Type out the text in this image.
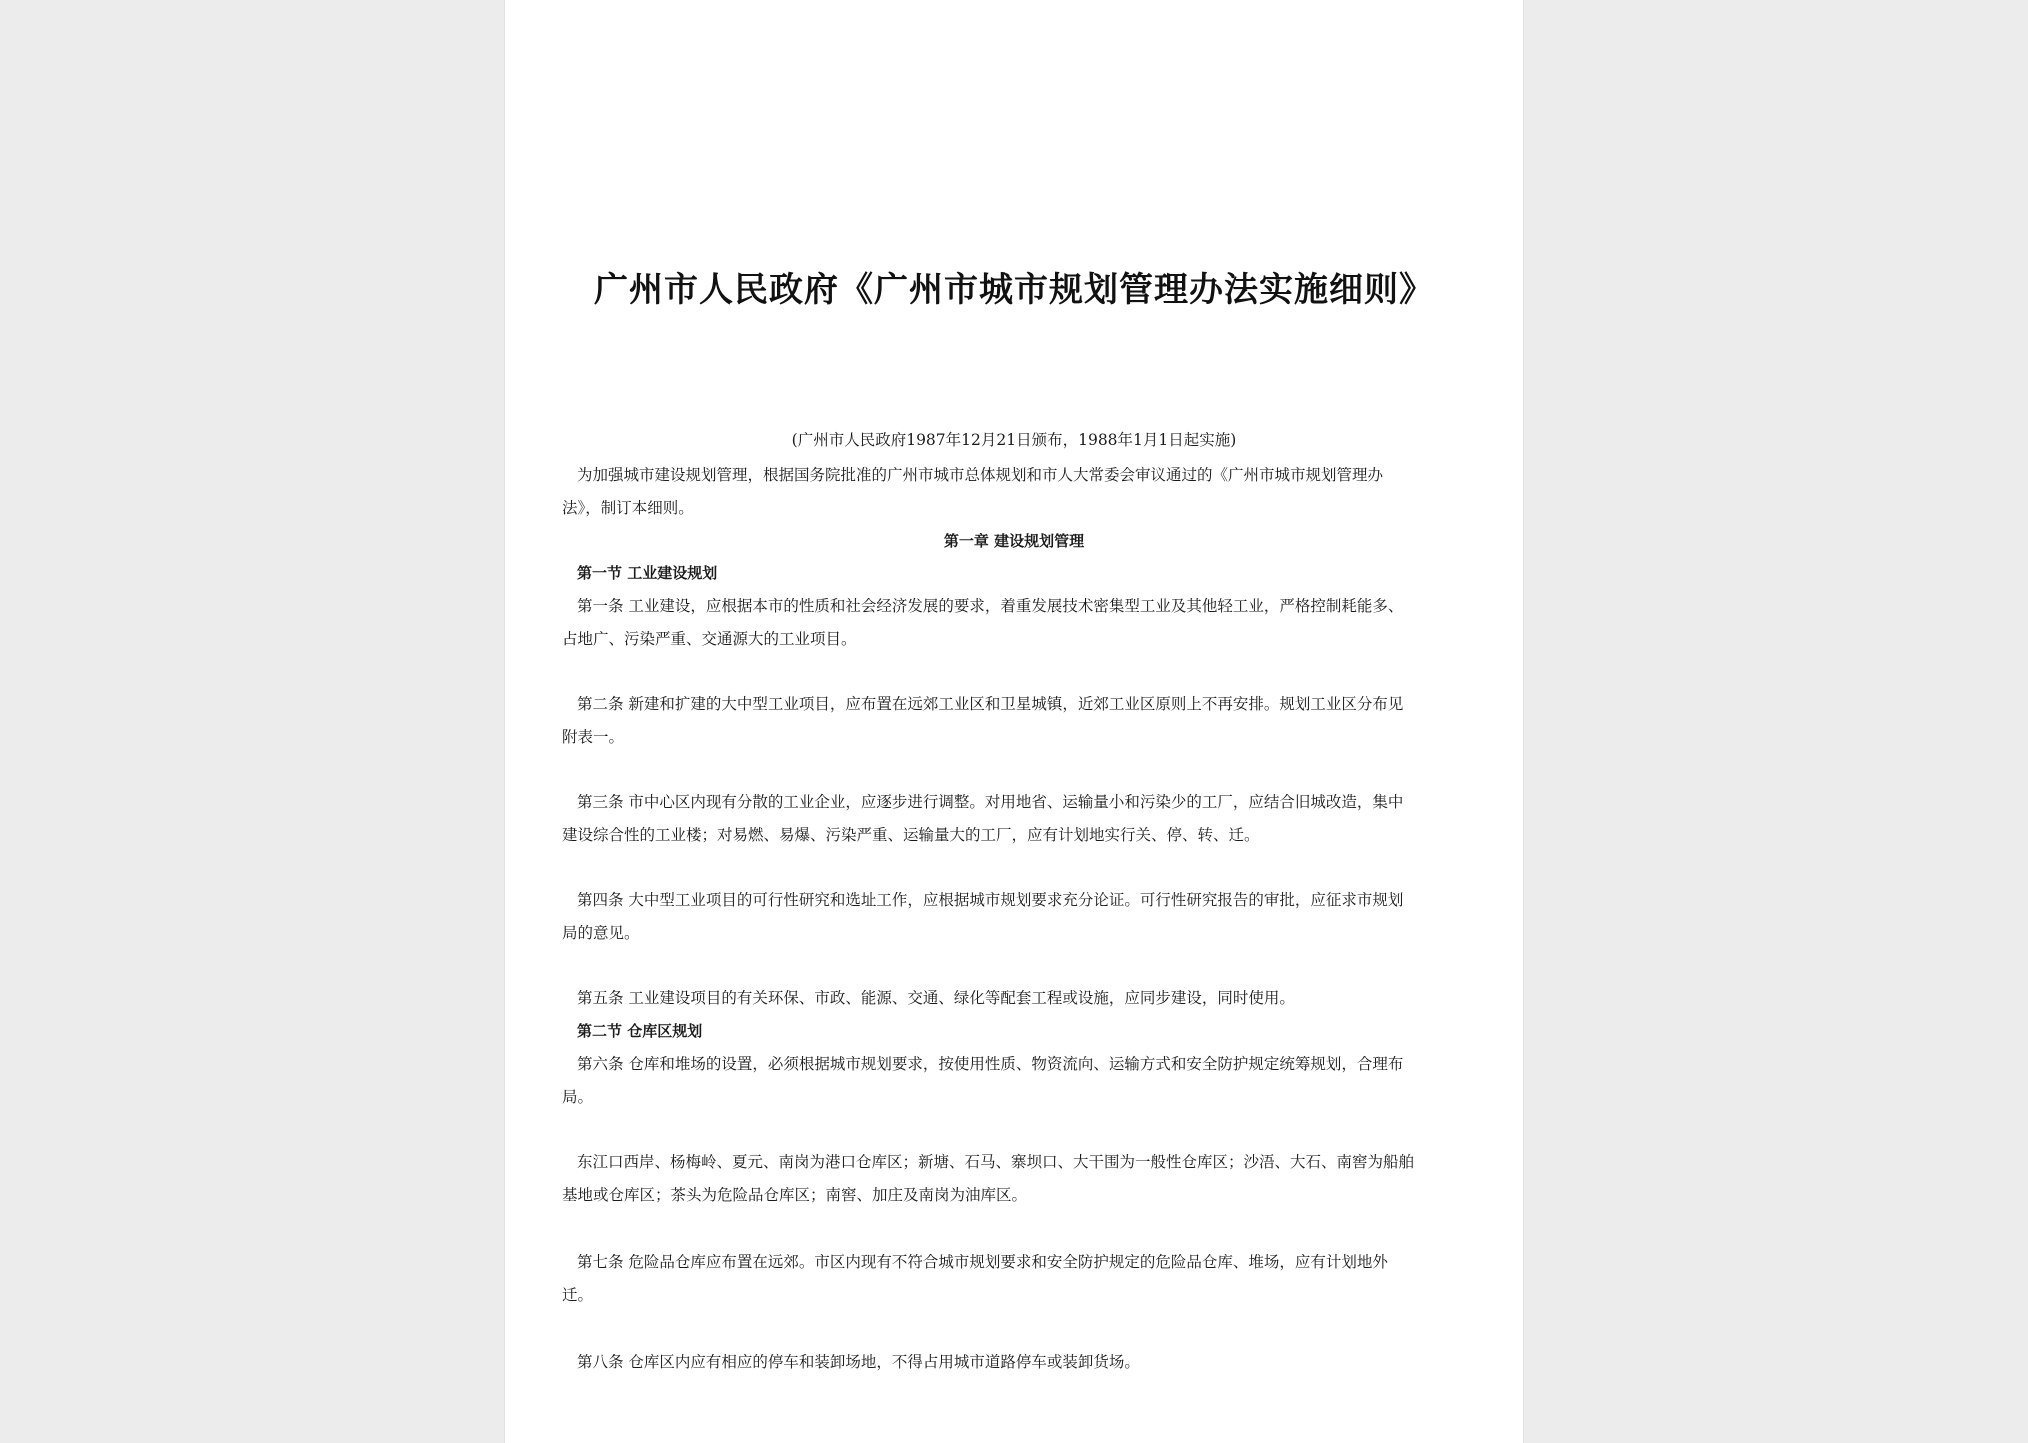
广州市人民政府《广州市城市规划管理办法实施细则》
(广州市人民政府1987年12月21日颁布，1988年1月1日起实施)
为加强城市建设规划管理，根据国务院批准的广州市城市总体规划和市人大常委会审议通过的《广州市城市规划管理办
法》，制订本细则。
第一章 建设规划管理
第一节 工业建设规划
第一条 工业建设，应根据本市的性质和社会经济发展的要求，着重发展技术密集型工业及其他轻工业，严格控制耗能多、
占地广、污染严重、交通源大的工业项目。
第二条 新建和扩建的大中型工业项目，应布置在远郊工业区和卫星城镇，近郊工业区原则上不再安排。规划工业区分布见
附表一。
第三条 市中心区内现有分散的工业企业，应逐步进行调整。对用地省、运输量小和污染少的工厂，应结合旧城改造，集中
建设综合性的工业楼；对易燃、易爆、污染严重、运输量大的工厂，应有计划地实行关、停、转、迁。
第四条 大中型工业项目的可行性研究和选址工作，应根据城市规划要求充分论证。可行性研究报告的审批，应征求市规划
局的意见。
第五条 工业建设项目的有关环保、市政、能源、交通、绿化等配套工程或设施，应同步建设，同时使用。
第二节 仓库区规划
第六条 仓库和堆场的设置，必须根据城市规划要求，按使用性质、物资流向、运输方式和安全防护规定统筹规划，合理布
局。
东江口西岸、杨梅岭、夏元、南岗为港口仓库区；新塘、石马、寨坝口、大干围为一般性仓库区；沙浯、大石、南窖为船舶
基地或仓库区；茶头为危险品仓库区；南窖、加庄及南岗为油库区。
第七条 危险品仓库应布置在远郊。市区内现有不符合城市规划要求和安全防护规定的危险品仓库、堆场，应有计划地外
迁。
第八条 仓库区内应有相应的停车和装卸场地，不得占用城市道路停车或装卸货场。
